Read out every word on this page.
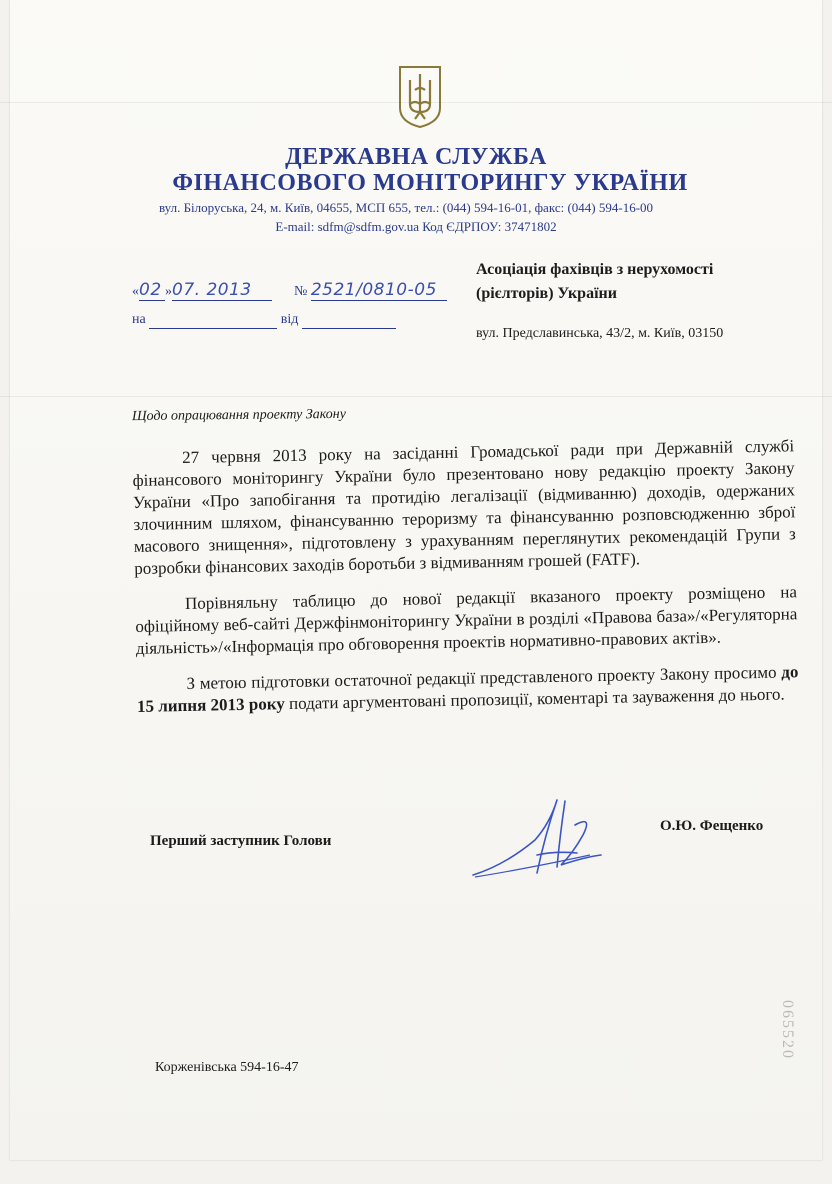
ДЕРЖАВНА СЛУЖБА
ФІНАНСОВОГО МОНІТОРИНГУ УКРАЇНИ
вул. Білоруська, 24, м. Київ, 04655, МСП 655, тел.: (044) 594-16-01, факс: (044) 594-16-00
E-mail: sdfm@sdfm.gov.ua Код ЄДРПОУ: 37471802
«02 »07. 2013	№ 2521/0810-05
на	від
Асоціація фахівців з нерухомості
(рієлторів) України
вул. Предславинська, 43/2, м. Київ, 03150
Щодо опрацювання проекту Закону

27 червня 2013 року на засіданні Громадської ради при Державній службі фінансового моніторингу України було презентовано нову редакцію проекту Закону України «Про запобігання та протидію легалізації (відмиванню) доходів, одержаних злочинним шляхом, фінансуванню тероризму та фінансуванню розповсюдженню зброї масового знищення», підготовлену з урахуванням переглянутих рекомендацій Групи з розробки фінансових заходів боротьби з відмиванням грошей (FATF).

Порівняльну таблицю до нової редакції вказаного проекту розміщено на офіційному веб-сайті Держфінмоніторингу України в розділі «Правова база»/«Регуляторна діяльність»/«Інформація про обговорення проектів нормативно-правових актів».

З метою підготовки остаточної редакції представленого проекту Закону просимо до 15 липня 2013 року подати аргументовані пропозиції, коментарі та зауваження до нього.

Перший заступник Голови
О.Ю. Фещенко
Корженівська 594-16-47
065520
